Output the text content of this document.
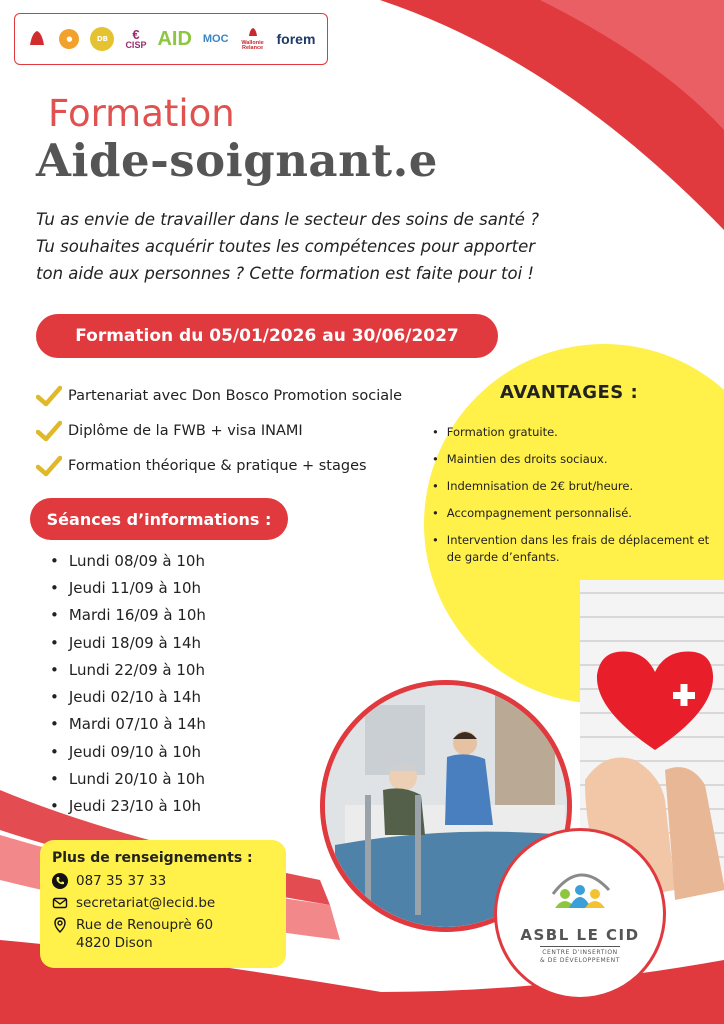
●	DB	€
CISP AID MOC	Wallonie Relance
forem
Formation
Aide-soignant.e

Tu as envie de travailler dans le secteur des soins de santé ?

Tu souhaites acquérir toutes les compétences pour apporter

ton aide aux personnes ? Cette formation est faite pour toi !

Formation du 05/01/2026 au 30/06/2027
AVANTAGES :
• Formation gratuite.
• Maintien des droits sociaux.
• Indemnisation de 2€ brut/heure.
• Accompagnement personnalisé.
• Intervention dans les frais de déplacement et de garde d’enfants.
Partenariat avec Don Bosco Promotion sociale
Diplôme de la FWB + visa INAMI
Formation théorique & pratique + stages
Séances d’informations :
• Lundi 08/09 à 10h
• Jeudi 11/09 à 10h
• Mardi 16/09 à 10h
• Jeudi 18/09 à 14h
• Lundi 22/09 à 10h
• Jeudi 02/10 à 14h
• Mardi 07/10 à 14h
• Jeudi 09/10 à 10h
• Lundi 20/10 à 10h
• Jeudi 23/10 à 10h
Plus de renseignements :
087 35 37 33
secretariat@lecid.be
Rue de Renouprè 60
4820 Dison	ASBL LE CID
CENTRE D’INSERTION
& DE DÉVELOPPEMENT
